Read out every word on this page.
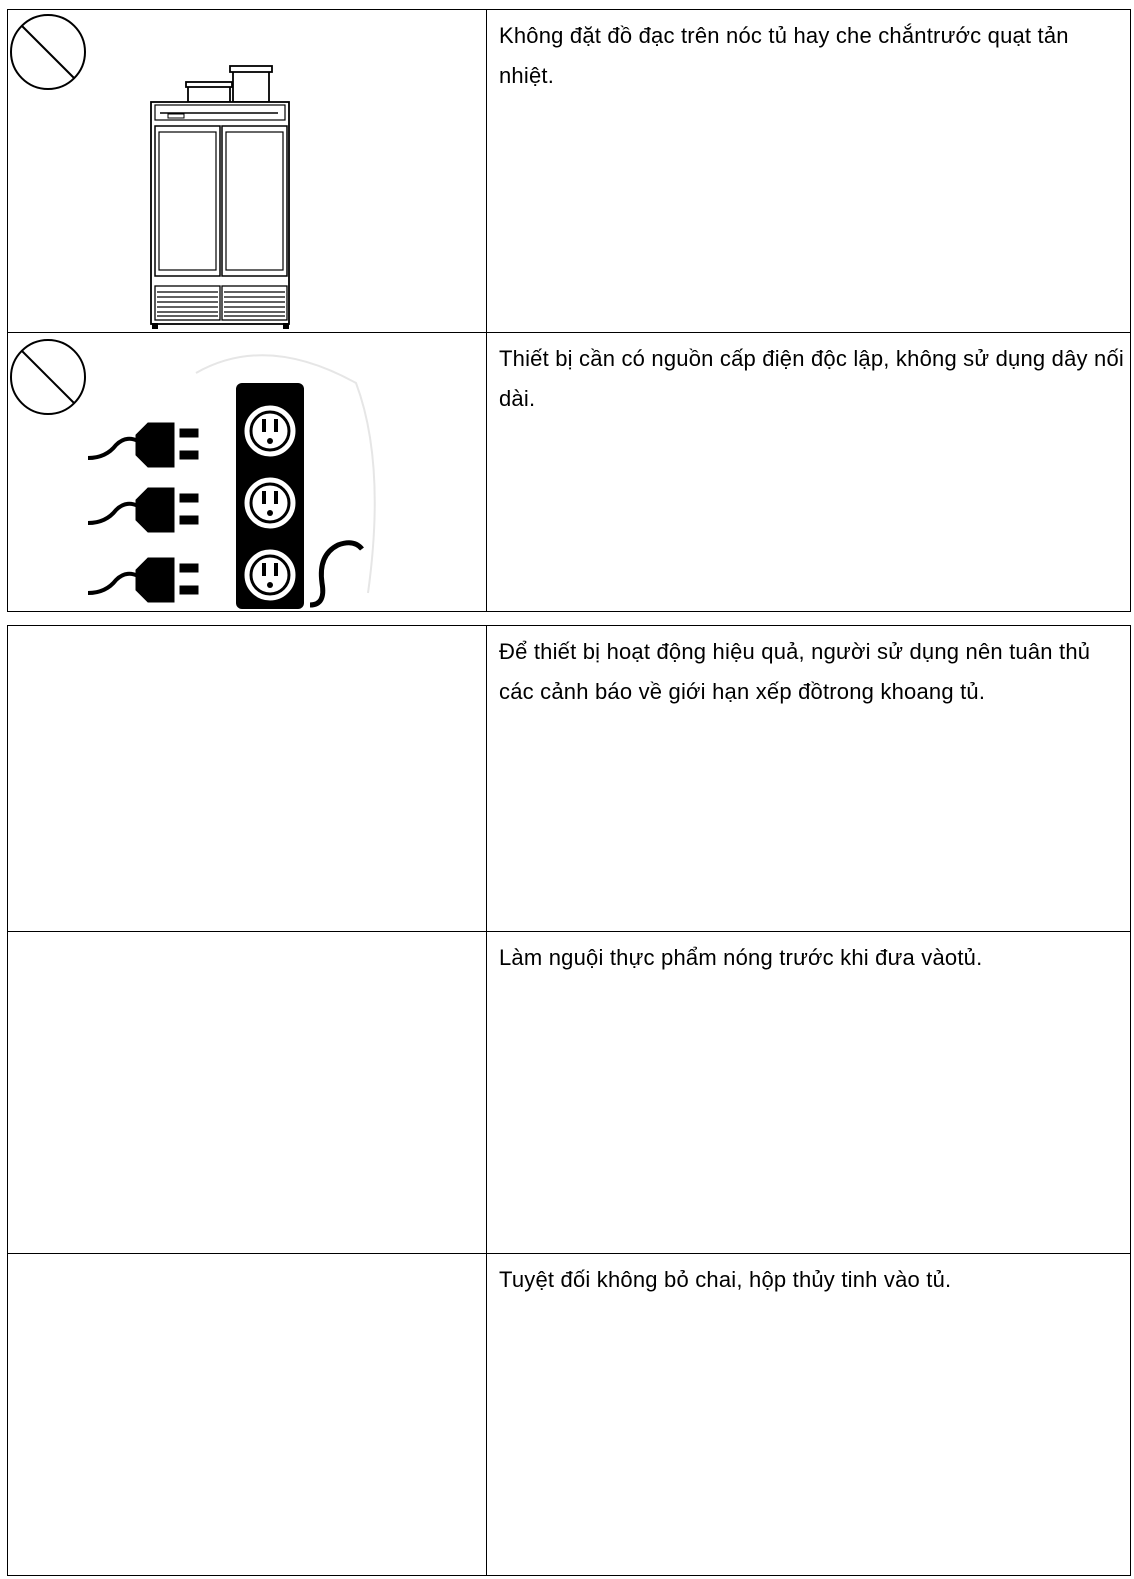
	Không đặt đồ đạc trên nóc tủ hay che chắntrước quạt tản nhiệt.

	Thiết bị cần có nguồn cấp điện độc lập, không sử dụng dây nối dài.
	Để thiết bị hoạt động hiệu quả, người sử dụng nên tuân thủ các cảnh báo về giới hạn xếp đồtrong khoang tủ.
	Làm nguội thực phẩm nóng trước khi đưa vàotủ.
	Tuyệt đối không bỏ chai, hộp thủy tinh vào tủ.
